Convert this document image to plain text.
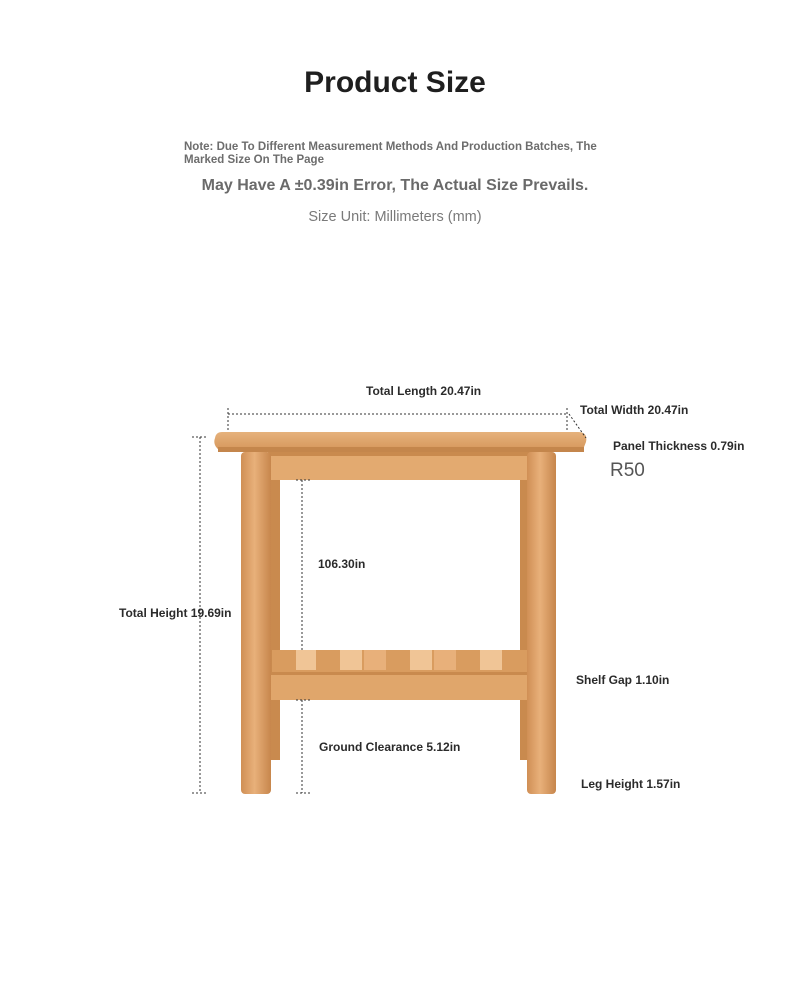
Product Size
Note: Due To Different Measurement Methods And Production Batches, The Marked Size On The Page
May Have A ±0.39in Error, The Actual Size Prevails.
Size Unit: Millimeters (mm)
Total Length 20.47in
Total Width 20.47in
Panel Thickness 0.79in
R50
106.30in
Total Height 19.69in
Shelf Gap 1.10in
Ground Clearance 5.12in
Leg Height 1.57in
